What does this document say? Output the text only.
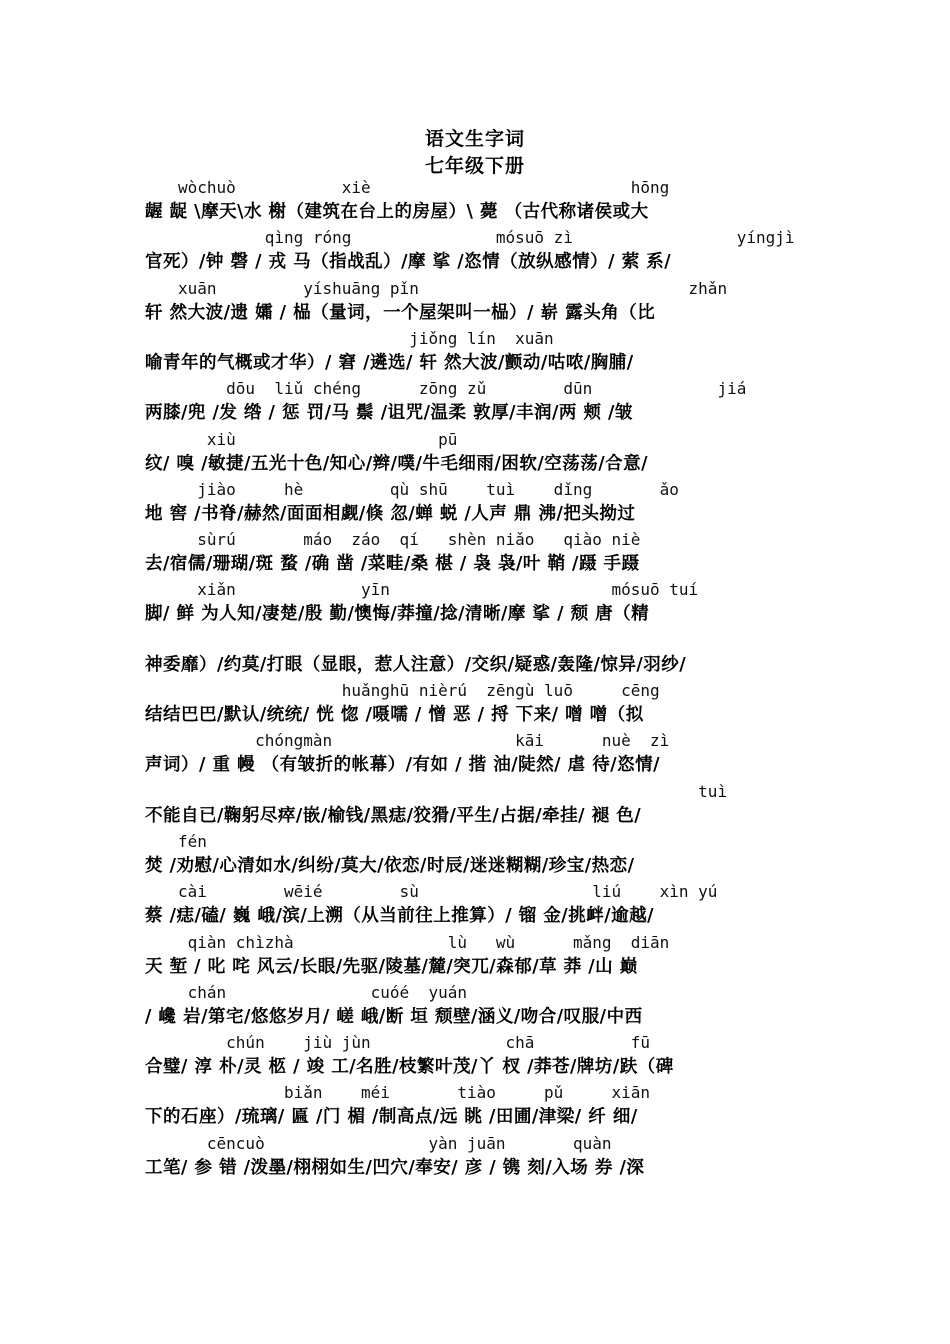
语文生字词
七年级下册
wòchuò           xiè                           hōng
龌 龊 \摩天\水 榭（建筑在台上的房屋）\ 薨 （古代称诸侯或大
qìng róng               mósuō zì                 yíngjì
官死）/钟 磬 / 戎 马（指战乱）/摩 挲 /恣情（放纵感情）/ 萦 系/
xuān         yíshuāng pǐn                            zhǎn
轩 然大波/遗 孀 / 榀（量词，一个屋架叫一榀）/ 崭 露头角（比
jiǒng lín  xuān
喻青年的气概或才华）/ 窘 /遴选/ 轩 然大波/颤动/咕哝/胸脯/
dōu  liǔ chéng      zōng zǔ        dūn             jiá
两膝/兜 /发 绺 / 惩 罚/马 鬃 /诅咒/温柔 敦厚/丰润/两 颊 /皱
xiù                     pū
纹/ 嗅 /敏捷/五光十色/知心/辫/噗/牛毛细雨/困软/空荡荡/合意/
jiào     hè         qù shū    tuì    dǐng       ǎo
地 窖 /书脊/赫然/面面相觑/倏 忽/蝉 蜕 /人声 鼎 沸/把头拗过
sùrú       máo  záo  qí   shèn niǎo   qiào niè
去/宿儒/珊瑚/斑 蝥 /确 凿 /菜畦/桑 椹 / 袅 袅/叶 鞘 /蹑 手蹑
xiǎn             yīn                       mósuō tuí
脚/ 鲜 为人知/凄楚/殷 勤/懊悔/莽撞/捻/清晰/摩 挲 / 颓 唐（精
神委靡）/约莫/打眼（显眼，惹人注意）/交织/疑惑/轰隆/惊异/羽纱/
huǎnghū nièrú  zēngù luō     cēng
结结巴巴/默认/统统/ 恍 惚 /嗫嚅 / 憎 恶 / 捋 下来/ 噌 噌（拟
chóngmàn                   kāi      nuè  zì
声词）/ 重 幔 （有皱折的帐幕）/有如 / 揩 油/陡然/ 虐 待/恣情/
tuì
不能自已/鞠躬尽瘁/嵌/榆钱/黑痣/狡猾/平生/占据/牵挂/ 褪 色/
fén
焚 /劝慰/心清如水/纠纷/莫大/依恋/时辰/迷迷糊糊/珍宝/热恋/
cài        wēié        sù                  liú    xìn yú
蔡 /痣/磕/ 巍 峨/滨/上溯（从当前往上推算）/ 镏 金/挑衅/逾越/
qiàn chìzhà                lù   wù      mǎng  diān
天 堑 / 叱 咤 风云/长眼/先驱/陵墓/麓/突兀/森郁/草 莽 /山 巅
chán               cuóé  yuán
/ 巉 岩/第宅/悠悠岁月/ 嵯 峨/断 垣 颓壁/涵义/吻合/叹服/中西
chún    jiù jùn              chā          fū
合璧/ 淳 朴/灵 柩 / 竣 工/名胜/枝繁叶茂/丫 杈 /莽苍/牌坊/趺（碑
biǎn    méi       tiào     pǔ     xiān
下的石座）/琉璃/ 匾 /门 楣 /制高点/远 眺 /田圃/津梁/ 纤 细/
cēncuò                 yàn juān       quàn
工笔/ 参 错 /泼墨/栩栩如生/凹穴/奉安/ 彦 / 镌 刻/入场 券 /深
